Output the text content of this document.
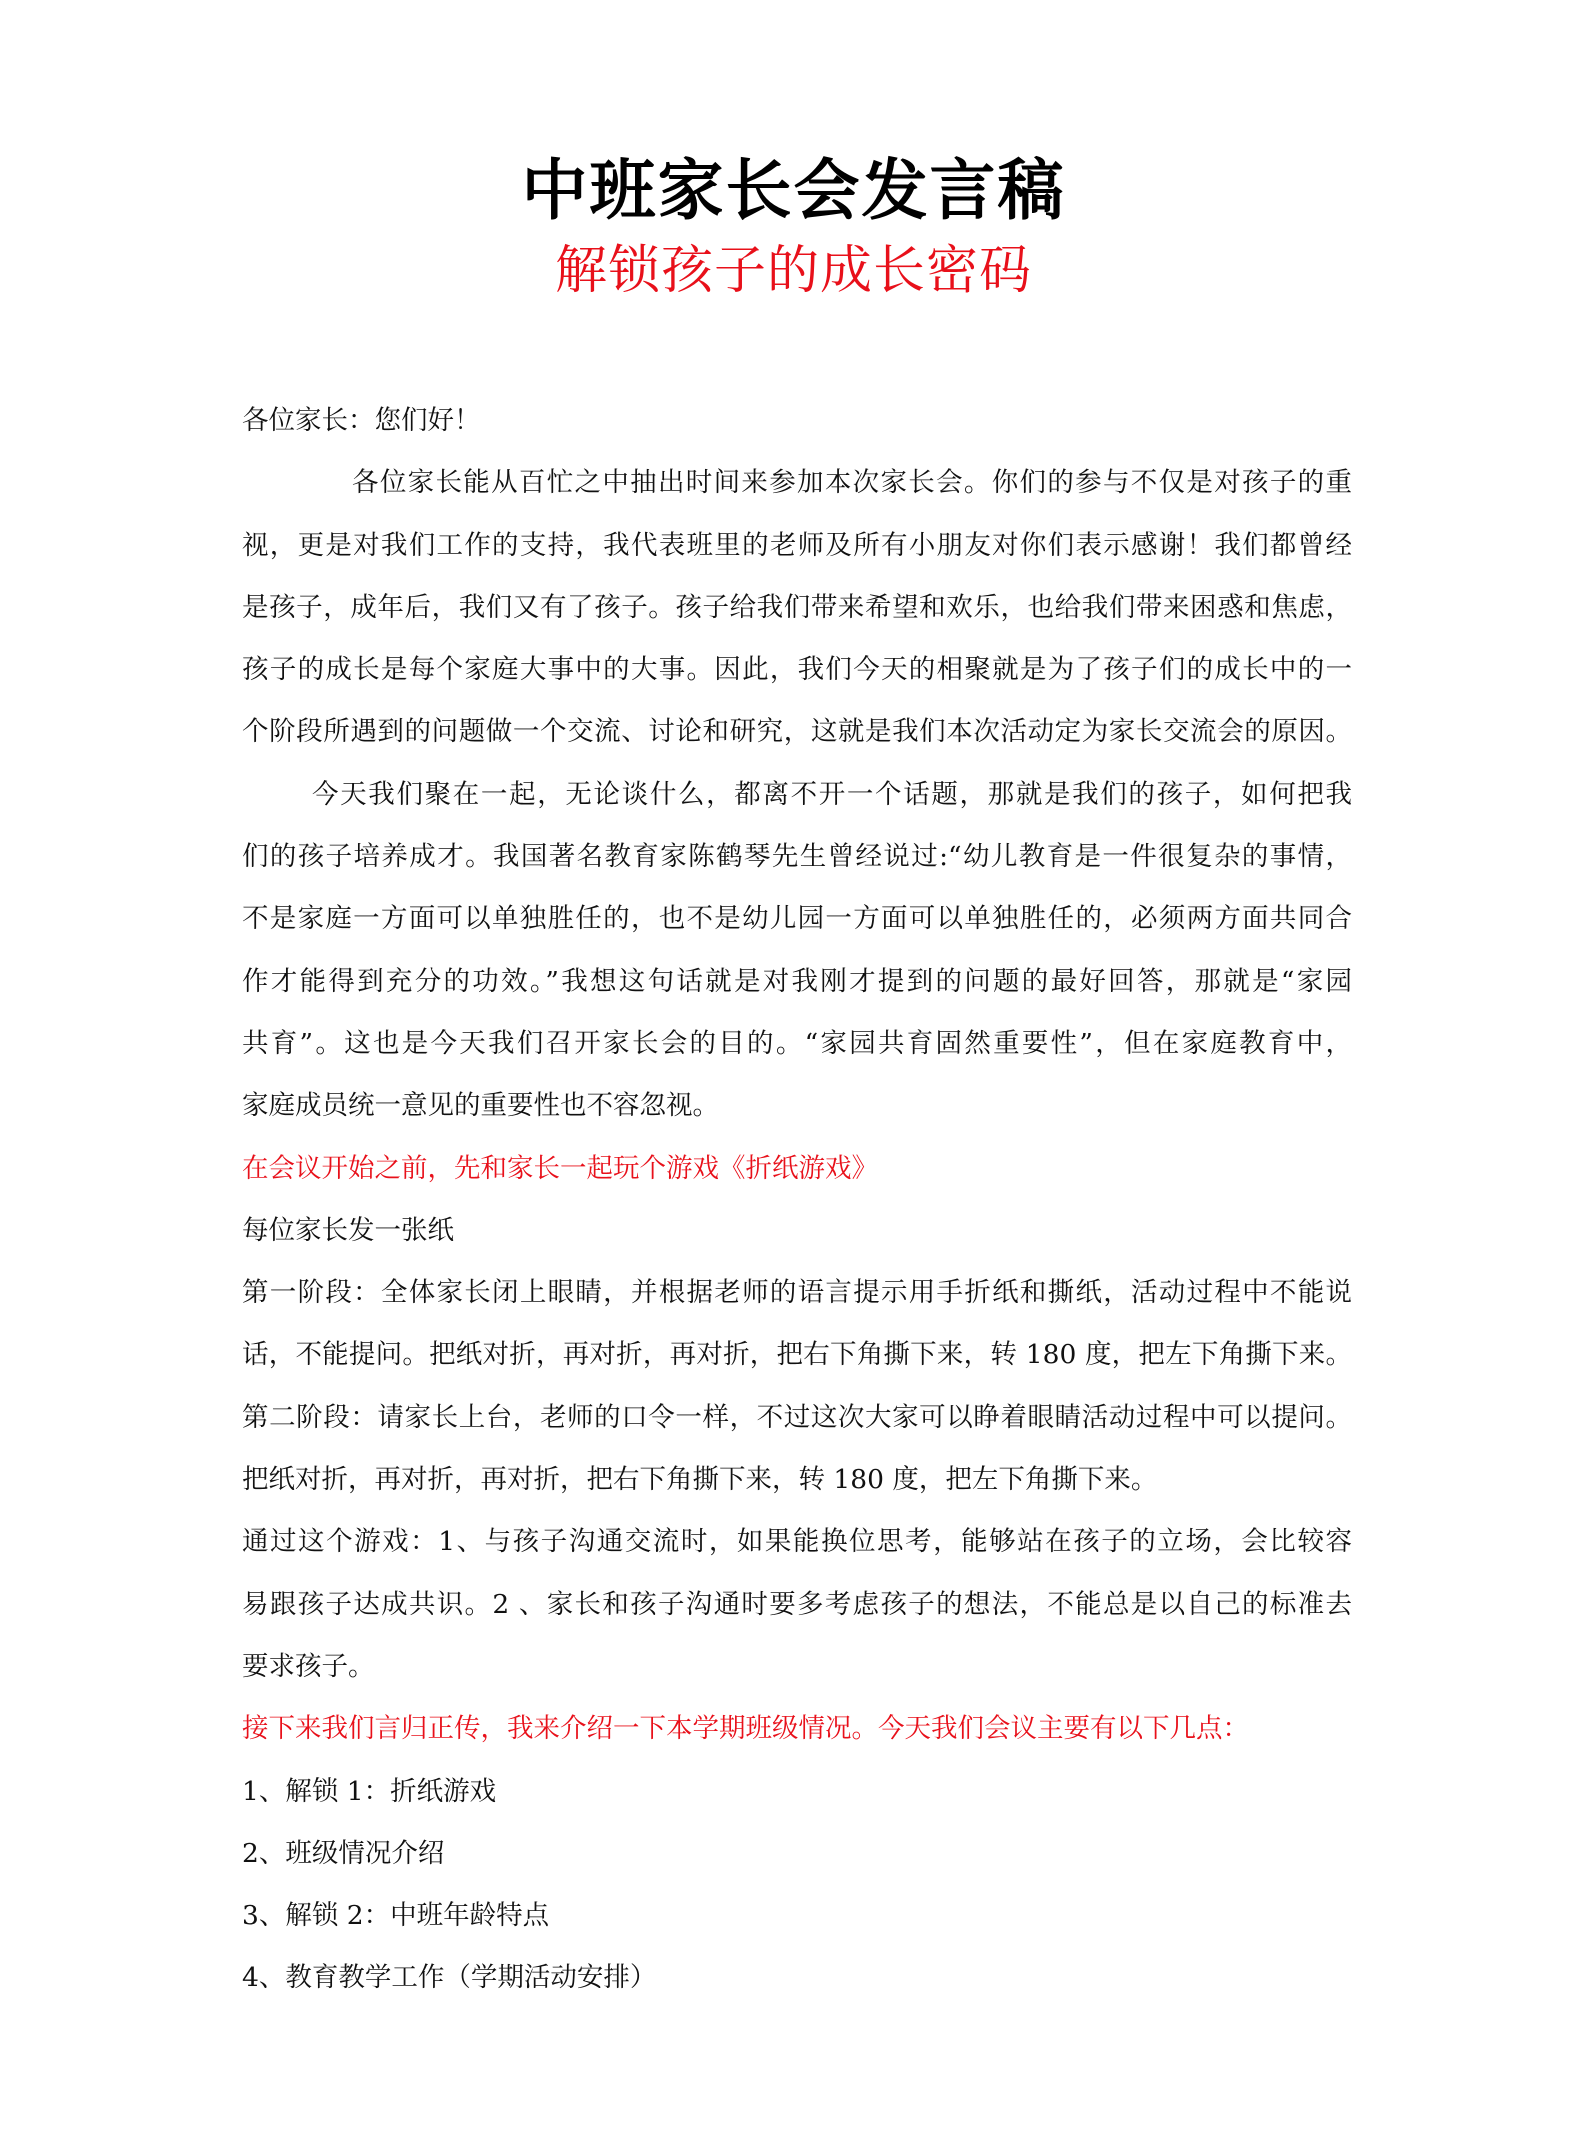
中班家长会发言稿
解锁孩子的成长密码
各位家长：您们好！
各位家长能从百忙之中抽出时间来参加本次家长会。你们的参与不仅是对孩子的重
视，更是对我们工作的支持，我代表班里的老师及所有小朋友对你们表示感谢！我们都曾经
是孩子，成年后，我们又有了孩子。孩子给我们带来希望和欢乐，也给我们带来困惑和焦虑，
孩子的成长是每个家庭大事中的大事。因此，我们今天的相聚就是为了孩子们的成长中的一
个阶段所遇到的问题做一个交流、讨论和研究，这就是我们本次活动定为家长交流会的原因。
今天我们聚在一起，无论谈什么，都离不开一个话题，那就是我们的孩子，如何把我
们的孩子培养成才。我国著名教育家陈鹤琴先生曾经说过:“幼儿教育是一件很复杂的事情，
不是家庭一方面可以单独胜任的，也不是幼儿园一方面可以单独胜任的，必须两方面共同合
作才能得到充分的功效。”我想这句话就是对我刚才提到的问题的最好回答，那就是“家园
共育”。这也是今天我们召开家长会的目的。“家园共育固然重要性”，但在家庭教育中，
家庭成员统一意见的重要性也不容忽视。
在会议开始之前，先和家长一起玩个游戏《折纸游戏》
每位家长发一张纸
第一阶段：全体家长闭上眼睛，并根据老师的语言提示用手折纸和撕纸，活动过程中不能说
话，不能提问。把纸对折，再对折，再对折，把右下角撕下来，转 180 度，把左下角撕下来。
第二阶段：请家长上台，老师的口令一样，不过这次大家可以睁着眼睛活动过程中可以提问。
把纸对折，再对折，再对折，把右下角撕下来，转 180 度，把左下角撕下来。
通过这个游戏：1、与孩子沟通交流时，如果能换位思考，能够站在孩子的立场，会比较容
易跟孩子达成共识。2 、家长和孩子沟通时要多考虑孩子的想法，不能总是以自己的标准去
要求孩子。
接下来我们言归正传，我来介绍一下本学期班级情况。今天我们会议主要有以下几点：
1、解锁 1：折纸游戏
2、班级情况介绍
3、解锁 2：中班年龄特点
4、教育教学工作（学期活动安排）
